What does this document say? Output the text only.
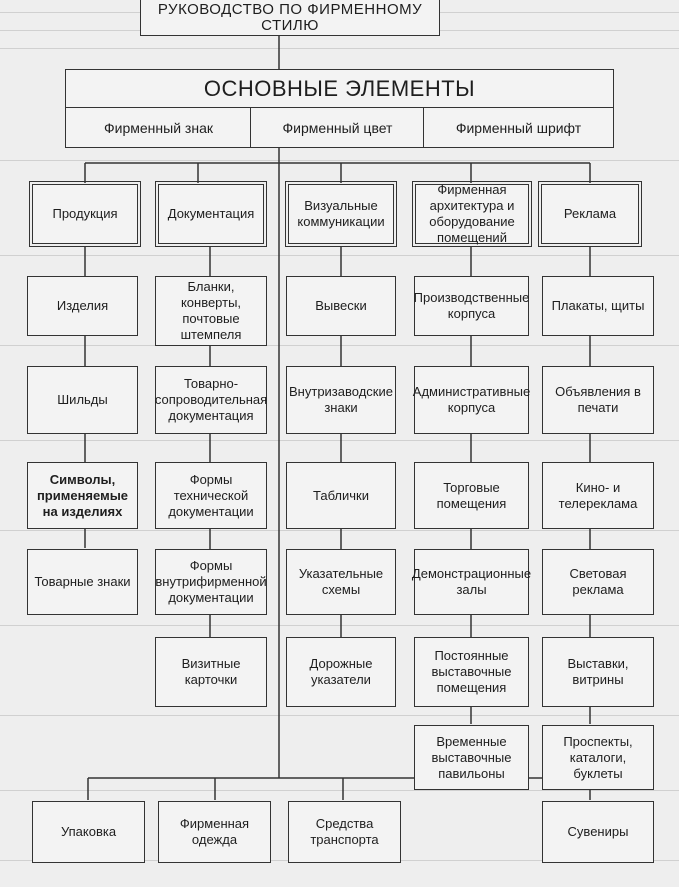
РУКОВОДСТВО ПО ФИРМЕННОМУ СТИЛЮ
ОСНОВНЫЕ ЭЛЕМЕНТЫ
Фирменный знак	Фирменный цвет	Фирменный шрифт
Продукция	Документация
Визуальные коммуникации
Фирменная архитектура и оборудование помещений
Реклама
Изделия
Шильды
Символы, применяемые на изделиях
Товарные знаки
Бланки, конверты, почтовые штемпеля
Товарно-сопроводительная документация
Формы технической документации
Формы внутрифирменной документации
Визитные карточки
Вывески
Внутризаводские знаки
Таблички
Указательные схемы
Дорожные указатели
Производственные корпуса
Административные корпуса
Торговые помещения
Демонстрационные залы
Постоянные выставочные помещения
Временные выставочные павильоны
Плакаты, щиты
Объявления в печати
Кино- и телереклама
Световая реклама
Выставки, витрины
Проспекты, каталоги, буклеты
Упаковка
Фирменная одежда
Средства транспорта
Сувениры
